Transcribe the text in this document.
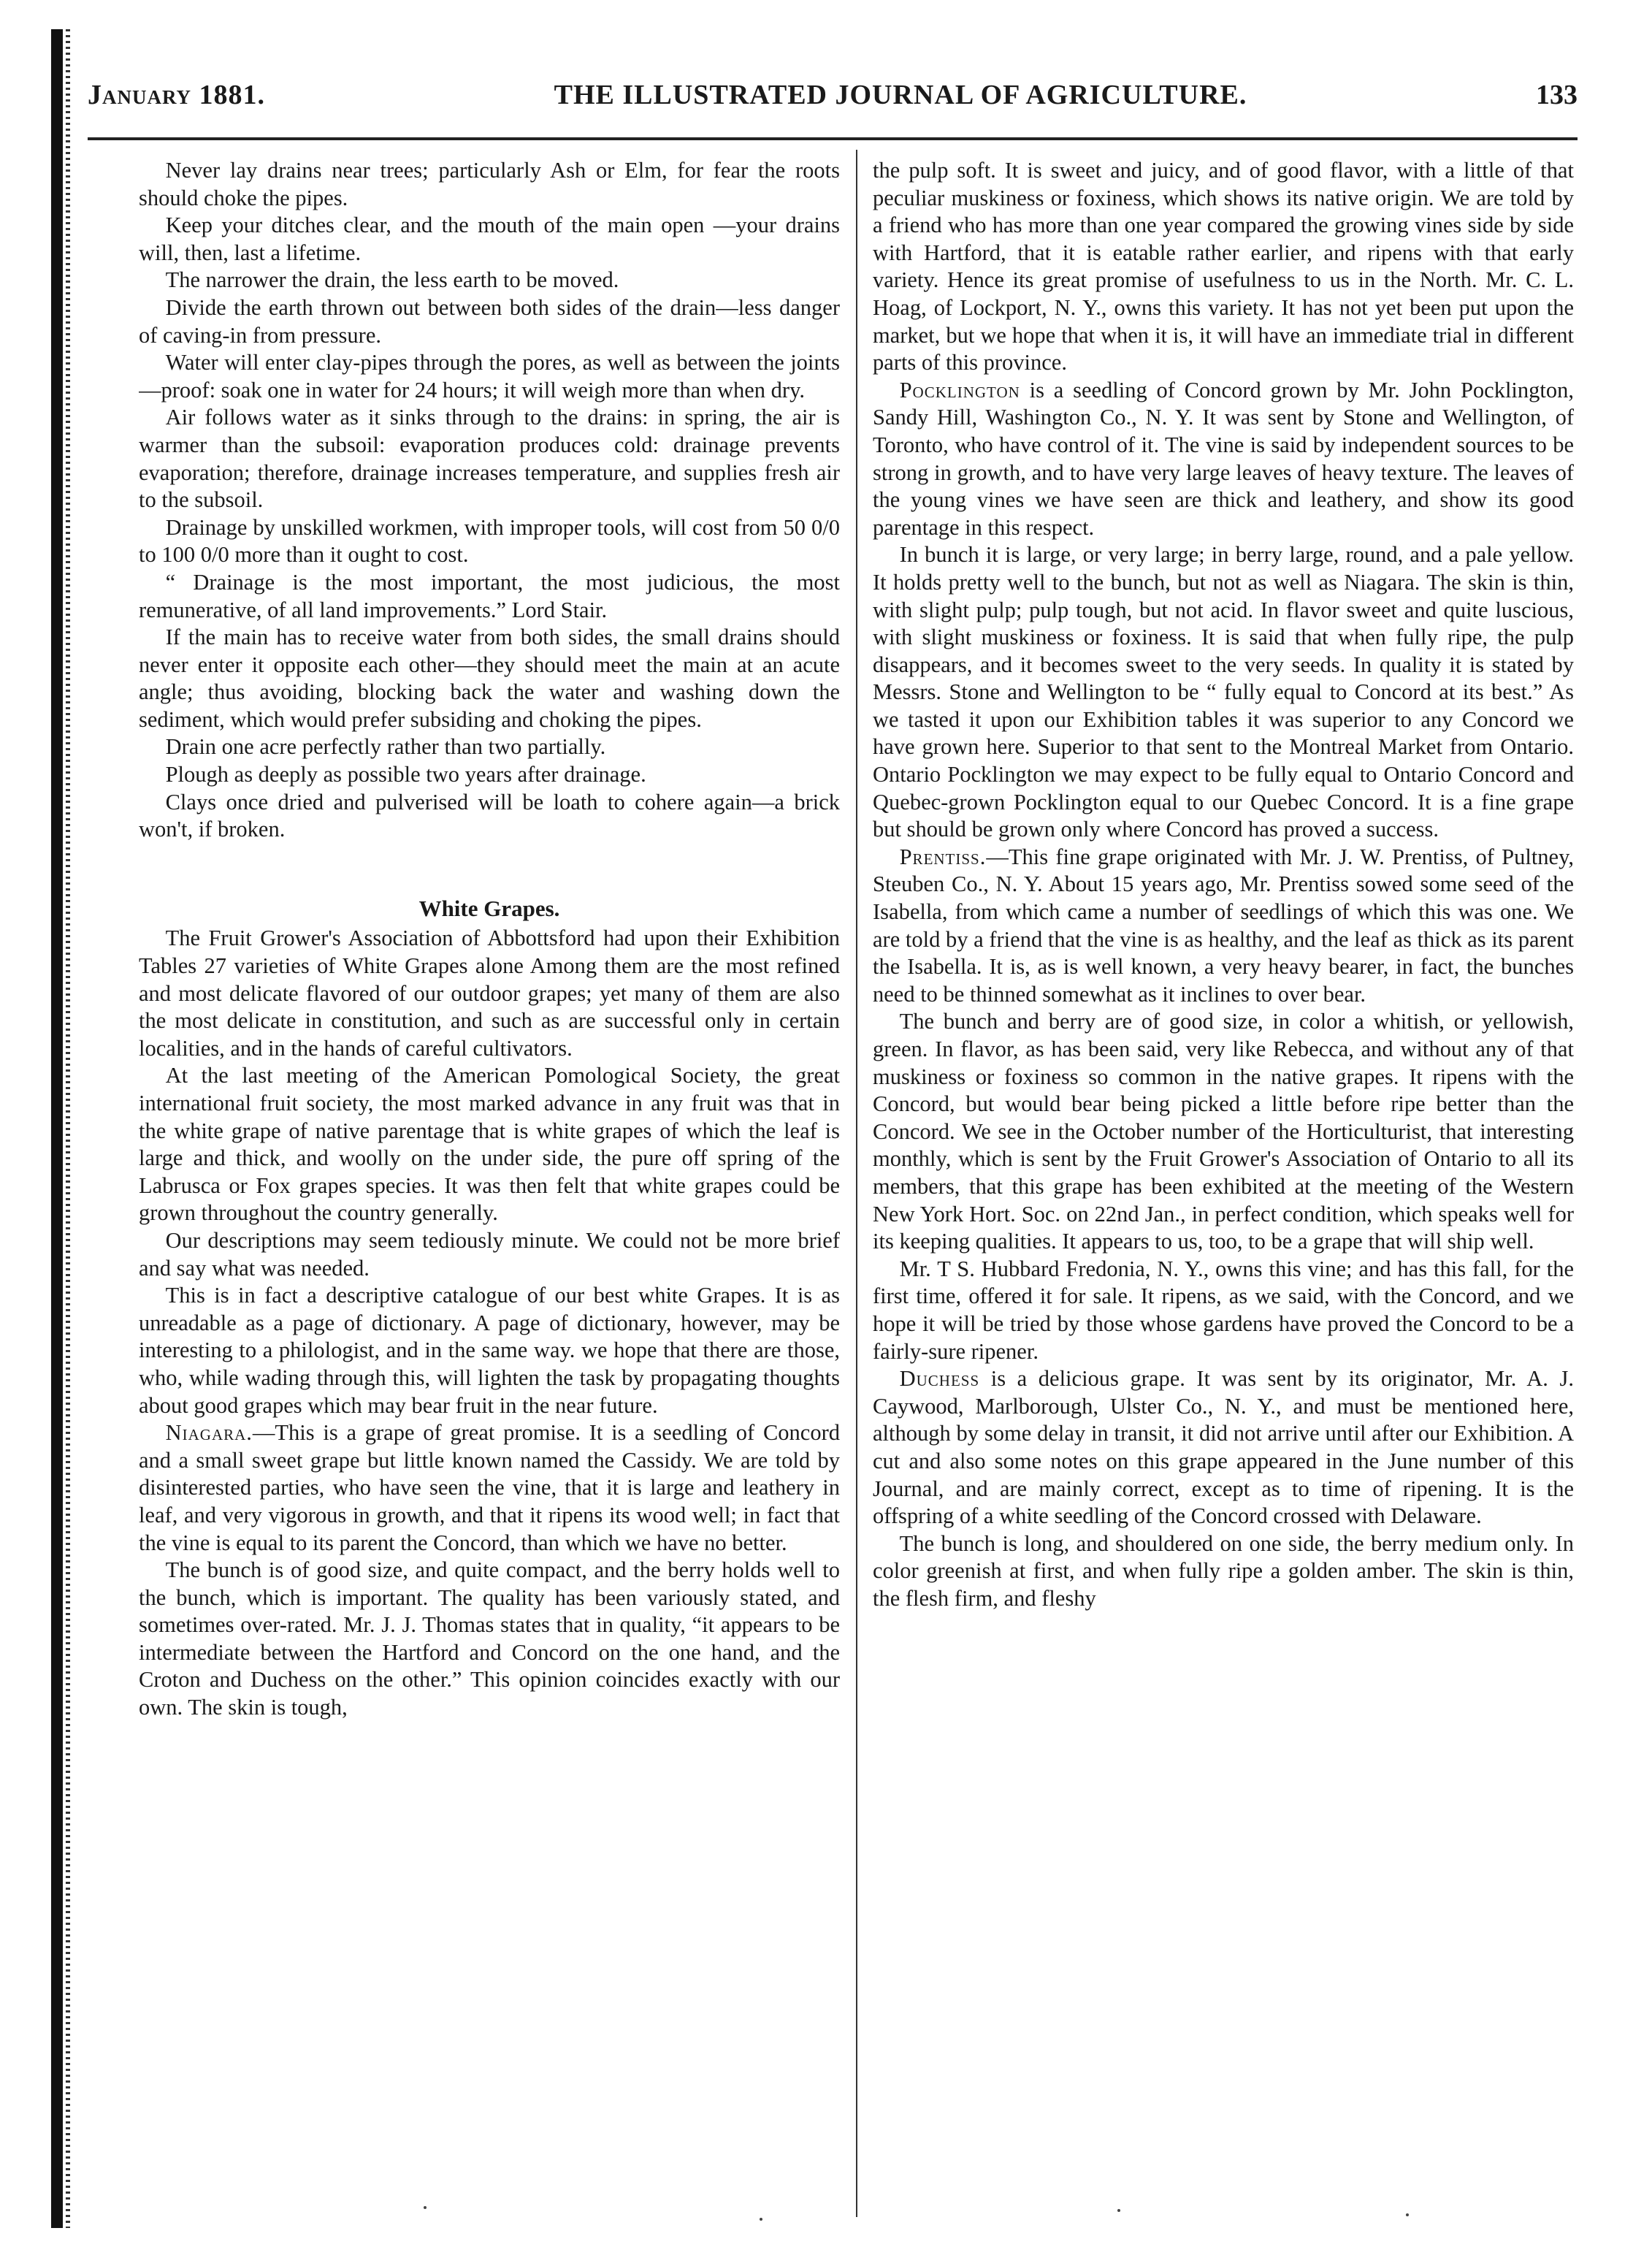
January 1881.	THE ILLUSTRATED JOURNAL OF AGRICULTURE.	133

Never lay drains near trees; particularly Ash or Elm, for fear the roots should choke the pipes.

Keep your ditches clear, and the mouth of the main open —your drains will, then, last a lifetime.

The narrower the drain, the less earth to be moved.

Divide the earth thrown out between both sides of the drain—less danger of caving-in from pressure.

Water will enter clay-pipes through the pores, as well as between the joints—proof: soak one in water for 24 hours; it will weigh more than when dry.

Air follows water as it sinks through to the drains: in spring, the air is warmer than the subsoil: evaporation produces cold: drainage prevents evaporation; therefore, drainage increases temperature, and supplies fresh air to the subsoil.

Drainage by unskilled workmen, with improper tools, will cost from 50 0/0 to 100 0/0 more than it ought to cost.

“ Drainage is the most important, the most judicious, the most remunerative, of all land improvements.” Lord Stair.

If the main has to receive water from both sides, the small drains should never enter it opposite each other—they should meet the main at an acute angle; thus avoiding, blocking back the water and washing down the sediment, which would prefer subsiding and choking the pipes.

Drain one acre perfectly rather than two partially.

Plough as deeply as possible two years after drainage.

Clays once dried and pulverised will be loath to cohere again—a brick won't, if broken.

White Grapes.

The Fruit Grower's Association of Abbottsford had upon their Exhibition Tables 27 varieties of White Grapes alone Among them are the most refined and most delicate flavored of our outdoor grapes; yet many of them are also the most delicate in constitution, and such as are successful only in certain localities, and in the hands of careful cultivators.

At the last meeting of the American Pomological Society, the great international fruit society, the most marked advance in any fruit was that in the white grape of native parentage that is white grapes of which the leaf is large and thick, and woolly on the under side, the pure off spring of the Labrusca or Fox grapes species. It was then felt that white grapes could be grown throughout the country generally.

Our descriptions may seem tediously minute. We could not be more brief and say what was needed.

This is in fact a descriptive catalogue of our best white Grapes. It is as unreadable as a page of dictionary. A page of dictionary, however, may be interesting to a philologist, and in the same way. we hope that there are those, who, while wading through this, will lighten the task by propagating thoughts about good grapes which may bear fruit in the near future.

Niagara.—This is a grape of great promise. It is a seedling of Concord and a small sweet grape but little known named the Cassidy. We are told by disinterested parties, who have seen the vine, that it is large and leathery in leaf, and very vigorous in growth, and that it ripens its wood well; in fact that the vine is equal to its parent the Concord, than which we have no better.

The bunch is of good size, and quite compact, and the berry holds well to the bunch, which is important. The quality has been variously stated, and sometimes over-rated. Mr. J. J. Thomas states that in quality, “it appears to be intermediate between the Hartford and Concord on the one hand, and the Croton and Duchess on the other.” This opinion coincides exactly with our own. The skin is tough,

the pulp soft. It is sweet and juicy, and of good flavor, with a little of that peculiar muskiness or foxiness, which shows its native origin. We are told by a friend who has more than one year compared the growing vines side by side with Hartford, that it is eatable rather earlier, and ripens with that early variety. Hence its great promise of usefulness to us in the North. Mr. C. L. Hoag, of Lockport, N. Y., owns this variety. It has not yet been put upon the market, but we hope that when it is, it will have an immediate trial in different parts of this province.

Pocklington is a seedling of Concord grown by Mr. John Pocklington, Sandy Hill, Washington Co., N. Y. It was sent by Stone and Wellington, of Toronto, who have control of it. The vine is said by independent sources to be strong in growth, and to have very large leaves of heavy texture. The leaves of the young vines we have seen are thick and leathery, and show its good parentage in this respect.

In bunch it is large, or very large; in berry large, round, and a pale yellow. It holds pretty well to the bunch, but not as well as Niagara. The skin is thin, with slight pulp; pulp tough, but not acid. In flavor sweet and quite luscious, with slight muskiness or foxiness. It is said that when fully ripe, the pulp disappears, and it becomes sweet to the very seeds. In quality it is stated by Messrs. Stone and Wellington to be “ fully equal to Concord at its best.” As we tasted it upon our Exhibition tables it was superior to any Concord we have grown here. Superior to that sent to the Montreal Market from Ontario. Ontario Pocklington we may expect to be fully equal to Ontario Concord and Quebec-grown Pocklington equal to our Quebec Concord. It is a fine grape but should be grown only where Concord has proved a success.

Prentiss.—This fine grape originated with Mr. J. W. Prentiss, of Pultney, Steuben Co., N. Y. About 15 years ago, Mr. Prentiss sowed some seed of the Isabella, from which came a number of seedlings of which this was one. We are told by a friend that the vine is as healthy, and the leaf as thick as its parent the Isabella. It is, as is well known, a very heavy bearer, in fact, the bunches need to be thinned somewhat as it inclines to over bear.

The bunch and berry are of good size, in color a whitish, or yellowish, green. In flavor, as has been said, very like Rebecca, and without any of that muskiness or foxiness so common in the native grapes. It ripens with the Concord, but would bear being picked a little before ripe better than the Concord. We see in the October number of the Horticulturist, that interesting monthly, which is sent by the Fruit Grower's Association of Ontario to all its members, that this grape has been exhibited at the meeting of the Western New York Hort. Soc. on 22nd Jan., in perfect condition, which speaks well for its keeping qualities. It appears to us, too, to be a grape that will ship well.

Mr. T S. Hubbard Fredonia, N. Y., owns this vine; and has this fall, for the first time, offered it for sale. It ripens, as we said, with the Concord, and we hope it will be tried by those whose gardens have proved the Concord to be a fairly-sure ripener.

Duchess is a delicious grape. It was sent by its originator, Mr. A. J. Caywood, Marlborough, Ulster Co., N. Y., and must be mentioned here, although by some delay in transit, it did not arrive until after our Exhibition. A cut and also some notes on this grape appeared in the June number of this Journal, and are mainly correct, except as to time of ripening. It is the offspring of a white seedling of the Concord crossed with Delaware.

The bunch is long, and shouldered on one side, the berry medium only. In color greenish at first, and when fully ripe a golden amber. The skin is thin, the flesh firm, and fleshy
